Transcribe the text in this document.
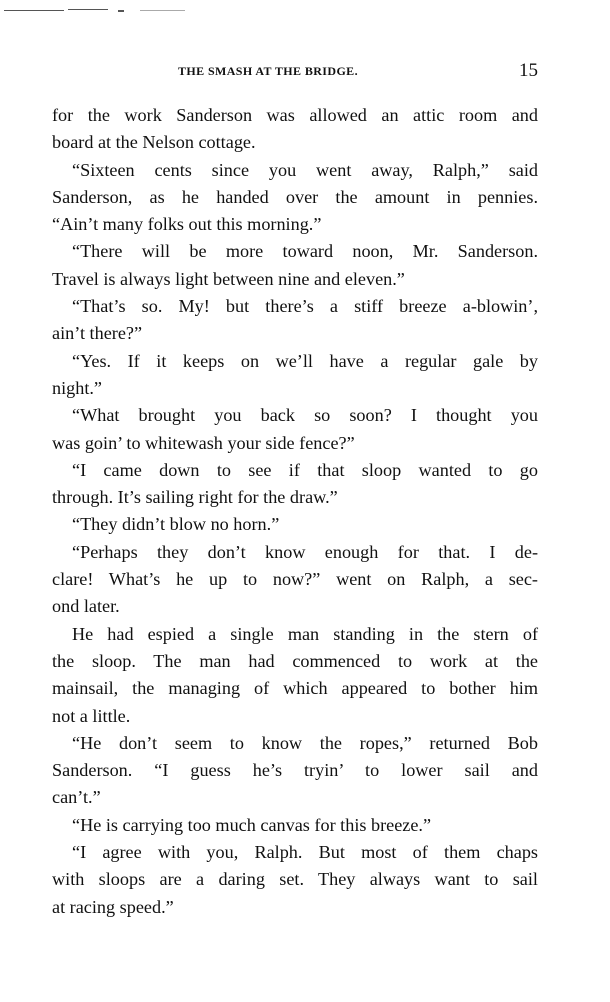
THE SMASH AT THE BRIDGE.	15
for the work Sanderson was allowed an attic room and
board at the Nelson cottage.
“Sixteen cents since you went away, Ralph,” said
Sanderson, as he handed over the amount in pennies.
“Ain’t many folks out this morning.”
“There will be more toward noon, Mr. Sanderson.
Travel is always light between nine and eleven.”
“That’s so. My! but there’s a stiff breeze a-blowin’,
ain’t there?”
“Yes. If it keeps on we’ll have a regular gale by
night.”
“What brought you back so soon? I thought you
was goin’ to whitewash your side fence?”
“I came down to see if that sloop wanted to go
through. It’s sailing right for the draw.”
“They didn’t blow no horn.”
“Perhaps they don’t know enough for that. I de-
clare! What’s he up to now?” went on Ralph, a sec-
ond later.
He had espied a single man standing in the stern of
the sloop. The man had commenced to work at the
mainsail, the managing of which appeared to bother him
not a little.
“He don’t seem to know the ropes,” returned Bob
Sanderson. “I guess he’s tryin’ to lower sail and
can’t.”
“He is carrying too much canvas for this breeze.”
“I agree with you, Ralph. But most of them chaps
with sloops are a daring set. They always want to sail
at racing speed.”
